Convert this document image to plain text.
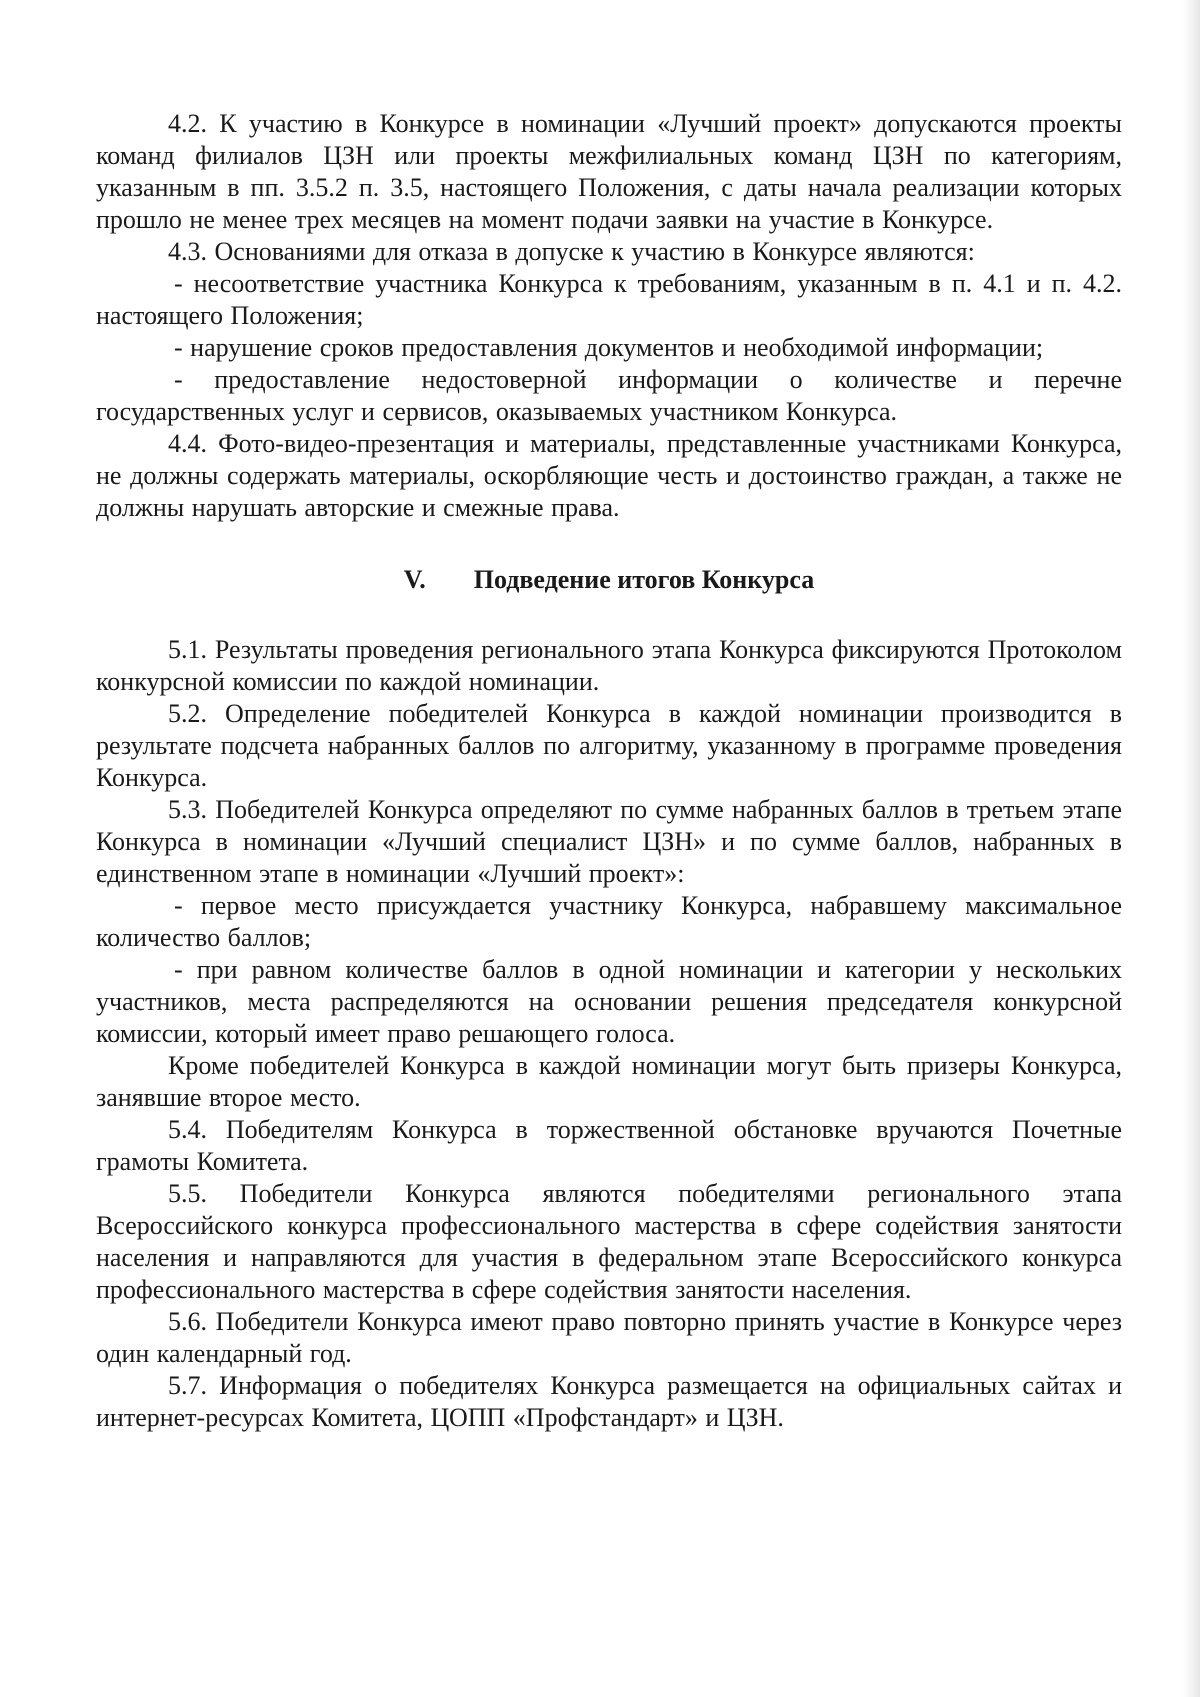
4.2. К участию в Конкурсе в номинации «Лучший проект» допускаются проекты команд филиалов ЦЗН или проекты межфилиальных команд ЦЗН по категориям, указанным в пп. 3.5.2 п. 3.5, настоящего Положения, с даты начала реализации которых прошло не менее трех месяцев на момент подачи заявки на участие в Конкурсе.

4.3. Основаниями для отказа в допуске к участию в Конкурсе являются:

- несоответствие участника Конкурса к требованиям, указанным в п. 4.1 и п. 4.2. настоящего Положения;

- нарушение сроков предоставления документов и необходимой информации;

- предоставление недостоверной информации о количестве и перечне государственных услуг и сервисов, оказываемых участником Конкурса.

4.4. Фото-видео-презентация и материалы, представленные участниками Конкурса, не должны содержать материалы, оскорбляющие честь и достоинство граждан, а также не должны нарушать авторские и смежные права.

V. Подведение итогов Конкурса

5.1. Результаты проведения регионального этапа Конкурса фиксируются Протоколом конкурсной комиссии по каждой номинации.

5.2. Определение победителей Конкурса в каждой номинации производится в результате подсчета набранных баллов по алгоритму, указанному в программе проведения Конкурса.

5.3. Победителей Конкурса определяют по сумме набранных баллов в третьем этапе Конкурса в номинации «Лучший специалист ЦЗН» и по сумме баллов, набранных в единственном этапе в номинации «Лучший проект»:

- первое место присуждается участнику Конкурса, набравшему максимальное количество баллов;

- при равном количестве баллов в одной номинации и категории у нескольких участников, места распределяются на основании решения председателя конкурсной комиссии, который имеет право решающего голоса.

Кроме победителей Конкурса в каждой номинации могут быть призеры Конкурса, занявшие второе место.

5.4. Победителям Конкурса в торжественной обстановке вручаются Почетные грамоты Комитета.

5.5. Победители Конкурса являются победителями регионального этапа Всероссийского конкурса профессионального мастерства в сфере содействия занятости населения и направляются для участия в федеральном этапе Всероссийского конкурса профессионального мастерства в сфере содействия занятости населения.

5.6. Победители Конкурса имеют право повторно принять участие в Конкурсе через один календарный год.

5.7. Информация о победителях Конкурса размещается на официальных сайтах и интернет-ресурсах Комитета, ЦОПП «Профстандарт» и ЦЗН.
